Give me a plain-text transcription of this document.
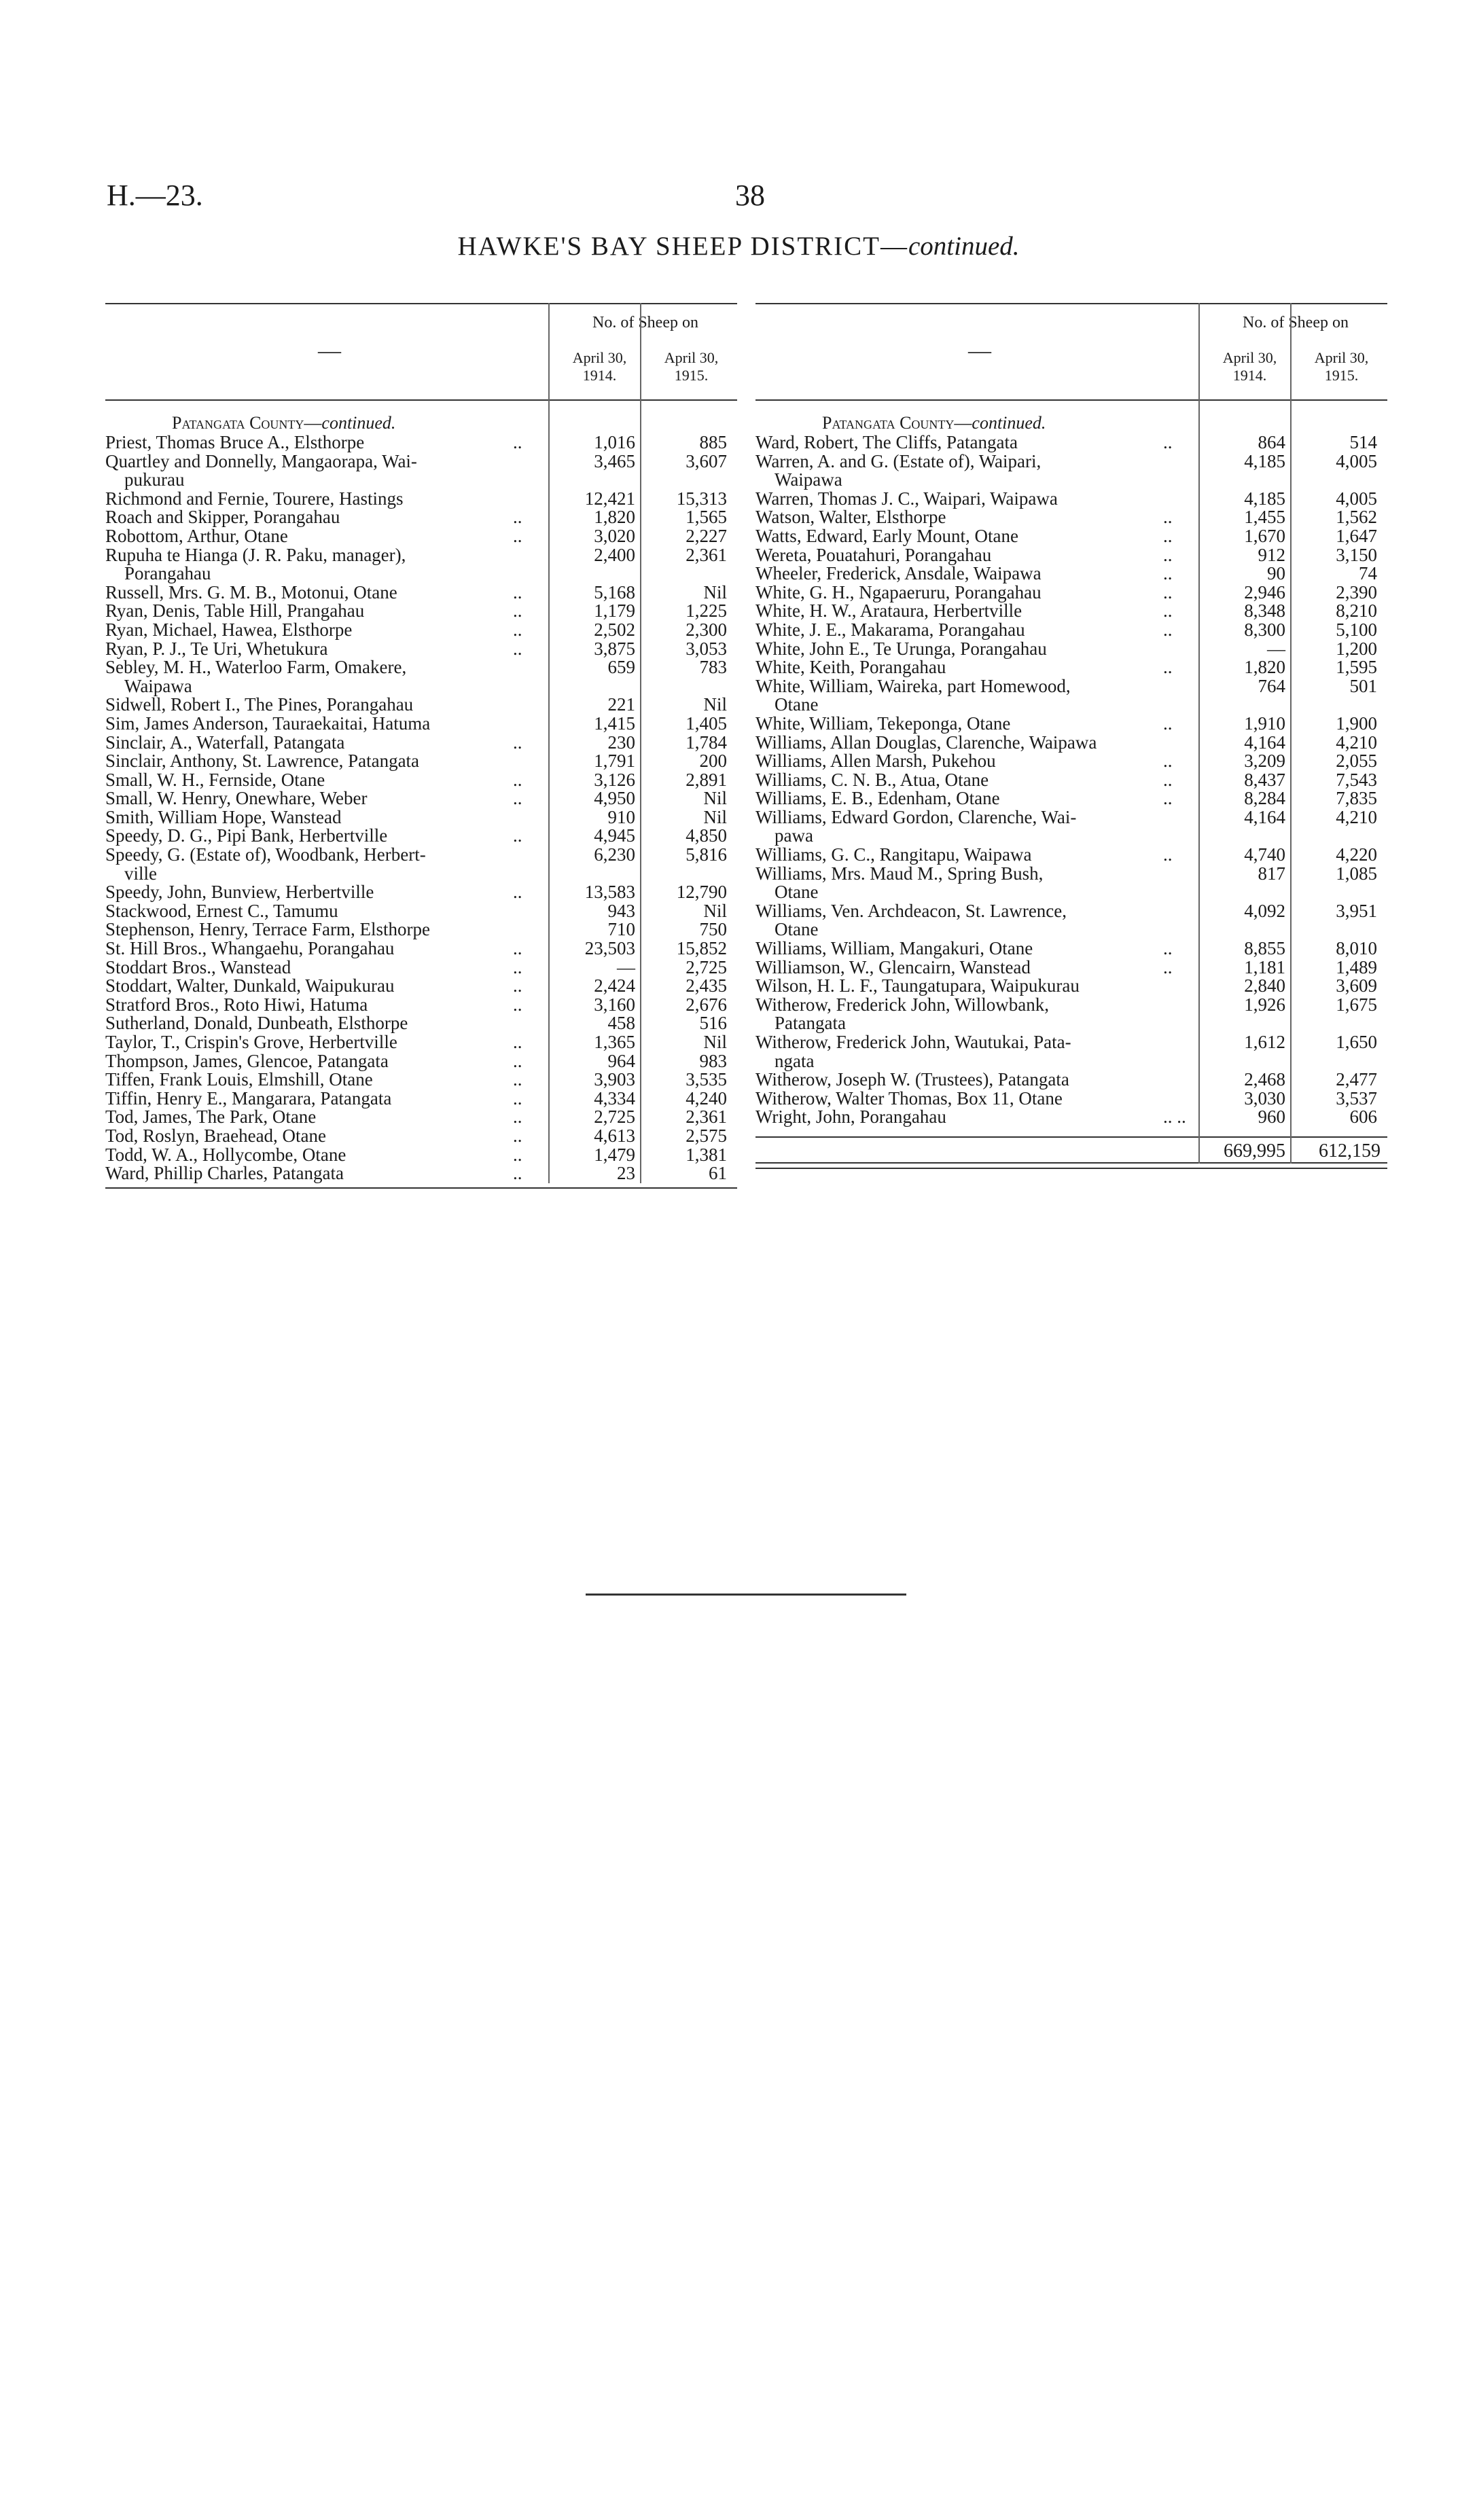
H.—23.	38
HAWKE'S BAY SHEEP DISTRICT—continued.
—
No. of Sheep on
April 30,
1914.
April 30,
1915.
Patangata County—continued.
Priest, Thomas Bruce A., Elsthorpe	..	1,016	885
Quartley and Donnelly, Mangaorapa, Wai-
pukurau
3,465	3,607
Richmond and Fernie, Tourere, Hastings	12,421	15,313
Roach and Skipper, Porangahau	..	1,820	1,565
Robottom, Arthur, Otane	..	3,020	2,227
Rupuha te Hianga (J. R. Paku, manager),
Porangahau
2,400	2,361
Russell, Mrs. G. M. B., Motonui, Otane	..	5,168	Nil
Ryan, Denis, Table Hill, Prangahau	..	1,179	1,225
Ryan, Michael, Hawea, Elsthorpe	..	2,502	2,300
Ryan, P. J., Te Uri, Whetukura	..	3,875	3,053
Sebley, M. H., Waterloo Farm, Omakere,
Waipawa
659	783
Sidwell, Robert I., The Pines, Porangahau	221	Nil
Sim, James Anderson, Tauraekaitai, Hatuma	1,415	1,405
Sinclair, A., Waterfall, Patangata	..	230	1,784
Sinclair, Anthony, St. Lawrence, Patangata	1,791	200
Small, W. H., Fernside, Otane	..	3,126	2,891
Small, W. Henry, Onewhare, Weber	..	4,950	Nil
Smith, William Hope, Wanstead	910	Nil
Speedy, D. G., Pipi Bank, Herbertville	..	4,945	4,850
Speedy, G. (Estate of), Woodbank, Herbert-
ville
6,230	5,816
Speedy, John, Bunview, Herbertville	..	13,583	12,790
Stackwood, Ernest C., Tamumu	943	Nil
Stephenson, Henry, Terrace Farm, Elsthorpe	710	750
St. Hill Bros., Whangaehu, Porangahau	..	23,503	15,852
Stoddart Bros., Wanstead	..	—	2,725
Stoddart, Walter, Dunkald, Waipukurau	..	2,424	2,435
Stratford Bros., Roto Hiwi, Hatuma	..	3,160	2,676
Sutherland, Donald, Dunbeath, Elsthorpe	458	516
Taylor, T., Crispin's Grove, Herbertville	..	1,365	Nil
Thompson, James, Glencoe, Patangata	..	964	983
Tiffen, Frank Louis, Elmshill, Otane	..	3,903	3,535
Tiffin, Henry E., Mangarara, Patangata	..	4,334	4,240
Tod, James, The Park, Otane	..	2,725	2,361
Tod, Roslyn, Braehead, Otane	..	4,613	2,575
Todd, W. A., Hollycombe, Otane	..	1,479	1,381
Ward, Phillip Charles, Patangata	..	23	61
—
No. of Sheep on
April 30,
1914.
April 30,
1915.
Patangata County—continued.
Ward, Robert, The Cliffs, Patangata	..	864	514
Warren, A. and G. (Estate of), Waipari,
Waipawa
4,185	4,005
Warren, Thomas J. C., Waipari, Waipawa	4,185	4,005
Watson, Walter, Elsthorpe	..	1,455	1,562
Watts, Edward, Early Mount, Otane	..	1,670	1,647
Wereta, Pouatahuri, Porangahau	..	912	3,150
Wheeler, Frederick, Ansdale, Waipawa	..	90	74
White, G. H., Ngapaeruru, Porangahau	..	2,946	2,390
White, H. W., Arataura, Herbertville	..	8,348	8,210
White, J. E., Makarama, Porangahau	..	8,300	5,100
White, John E., Te Urunga, Porangahau	—	1,200
White, Keith, Porangahau	..	1,820	1,595
White, William, Waireka, part Homewood,
Otane
764	501
White, William, Tekeponga, Otane	..	1,910	1,900
Williams, Allan Douglas, Clarenche, Waipawa	4,164	4,210
Williams, Allen Marsh, Pukehou	..	3,209	2,055
Williams, C. N. B., Atua, Otane	..	8,437	7,543
Williams, E. B., Edenham, Otane	..	8,284	7,835
Williams, Edward Gordon, Clarenche, Wai-
pawa
4,164	4,210
Williams, G. C., Rangitapu, Waipawa	..	4,740	4,220
Williams, Mrs. Maud M., Spring Bush,
Otane
817	1,085
Williams, Ven. Archdeacon, St. Lawrence,
Otane
4,092	3,951
Williams, William, Mangakuri, Otane	..	8,855	8,010
Williamson, W., Glencairn, Wanstead	..	1,181	1,489
Wilson, H. L. F., Taungatupara, Waipukurau	2,840	3,609
Witherow, Frederick John, Willowbank,
Patangata
1,926	1,675
Witherow, Frederick John, Wautukai, Pata-
ngata
1,612	1,650
Witherow, Joseph W. (Trustees), Patangata	2,468	2,477
Witherow, Walter Thomas, Box 11, Otane	3,030	3,537
Wright, John, Porangahau	.. ..	960	606
669,995	612,159
